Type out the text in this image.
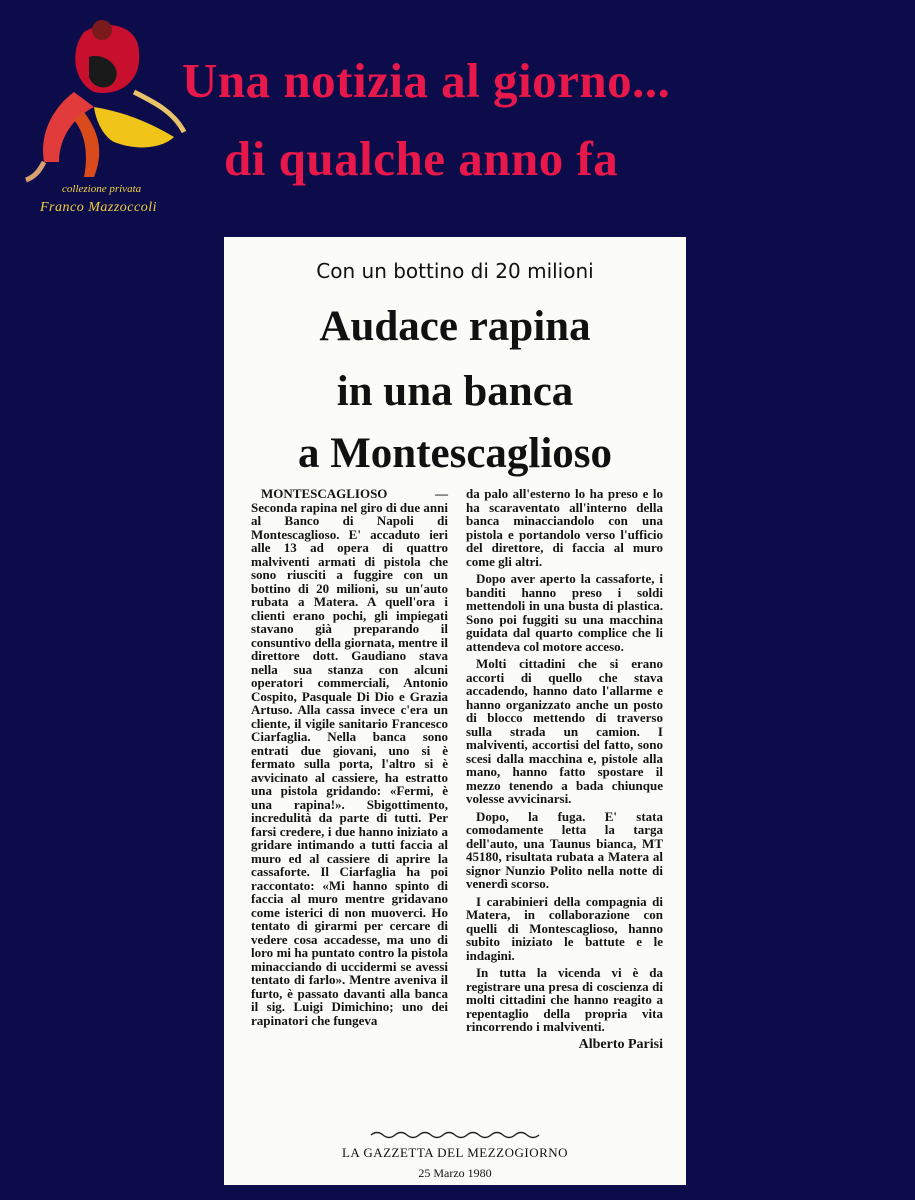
collezione privata
Franco Mazzoccoli
Una notizia al giorno...
di qualche anno fa
Con un bottino di 20 milioni
Audace rapina
in una banca
a Montescaglioso

MONTESCAGLIOSO — Seconda rapina nel giro di due anni al Banco di Napoli di Montescaglioso. E' accaduto ieri alle 13 ad opera di quattro malviventi armati di pistola che sono riusciti a fuggire con un bottino di 20 milioni, su un'auto rubata a Matera. A quell'ora i clienti erano pochi, gli impiegati stavano già preparando il consuntivo della giornata, mentre il direttore dott. Gaudiano stava nella sua stanza con alcuni operatori commerciali, Antonio Cospito, Pasquale Di Dio e Grazia Artuso. Alla cassa invece c'era un cliente, il vigile sanitario Francesco Ciarfaglia. Nella banca sono entrati due giovani, uno si è fermato sulla porta, l'altro si è avvicinato al cassiere, ha estratto una pistola gridando: «Fermi, è una rapina!». Sbigottimento, incredulità da parte di tutti. Per farsi credere, i due hanno iniziato a gridare intimando a tutti faccia al muro ed al cassiere di aprire la cassaforte. Il Ciarfaglia ha poi raccontato: «Mi hanno spinto di faccia al muro mentre gridavano come isterici di non muoverci. Ho tentato di girarmi per cercare di vedere cosa accadesse, ma uno di loro mi ha puntato contro la pistola minacciando di uccidermi se avessi tentato di farlo». Mentre aveniva il furto, è passato davanti alla banca il sig. Luigi Dimichino; uno dei rapinatori che fungeva

da palo all'esterno lo ha preso e lo ha scaraventato all'interno della banca minacciandolo con una pistola e portandolo verso l'ufficio del direttore, di faccia al muro come gli altri.

Dopo aver aperto la cassaforte, i banditi hanno preso i soldi mettendoli in una busta di plastica. Sono poi fuggiti su una macchina guidata dal quarto complice che li attendeva col motore acceso.

Molti cittadini che si erano accorti di quello che stava accadendo, hanno dato l'allarme e hanno organizzato anche un posto di blocco mettendo di traverso sulla strada un camion. I malviventi, accortisi del fatto, sono scesi dalla macchina e, pistole alla mano, hanno fatto spostare il mezzo tenendo a bada chiunque volesse avvicinarsi.

Dopo, la fuga. E' stata comodamente letta la targa dell'auto, una Taunus bianca, MT 45180, risultata rubata a Matera al signor Nunzio Polito nella notte di venerdì scorso.

I carabinieri della compagnia di Matera, in collaborazione con quelli di Montescaglioso, hanno subito iniziato le battute e le indagini.

In tutta la vicenda vi è da registrare una presa di coscienza di molti cittadini che hanno reagito a repentaglio della propria vita rincorrendo i malviventi.

Alberto Parisi
LA GAZZETTA DEL MEZZOGIORNO
25 Marzo 1980
